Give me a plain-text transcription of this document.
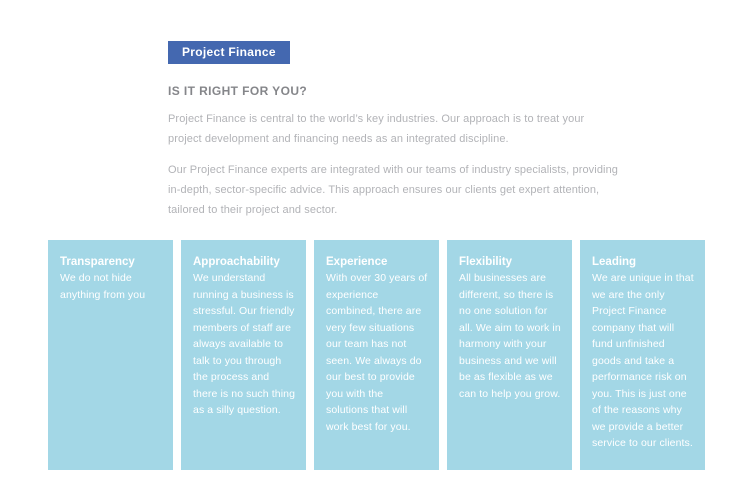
Project Finance
IS IT RIGHT FOR YOU?

Project Finance is central to the world’s key industries. Our approach is to treat your project development and financing needs as an integrated discipline.

Our Project Finance experts are integrated with our teams of industry specialists, providing in-depth, sector-specific advice. This approach ensures our clients get expert attention, tailored to their project and sector.

Transparency

We do not hide anything from you

Approachability

We understand running a business is stressful. Our friendly members of staff are always available to talk to you through the process and there is no such thing as a silly question.

Experience

With over 30 years of experience combined, there are very few situations our team has not seen. We always do our best to provide you with the solutions that will work best for you.

Flexibility

All businesses are different, so there is no one solution for all. We aim to work in harmony with your business and we will be as flexible as we can to help you grow.

Leading

We are unique in that we are the only Project Finance company that will fund unfinished goods and take a performance risk on you. This is just one of the reasons why we provide a better service to our clients.
